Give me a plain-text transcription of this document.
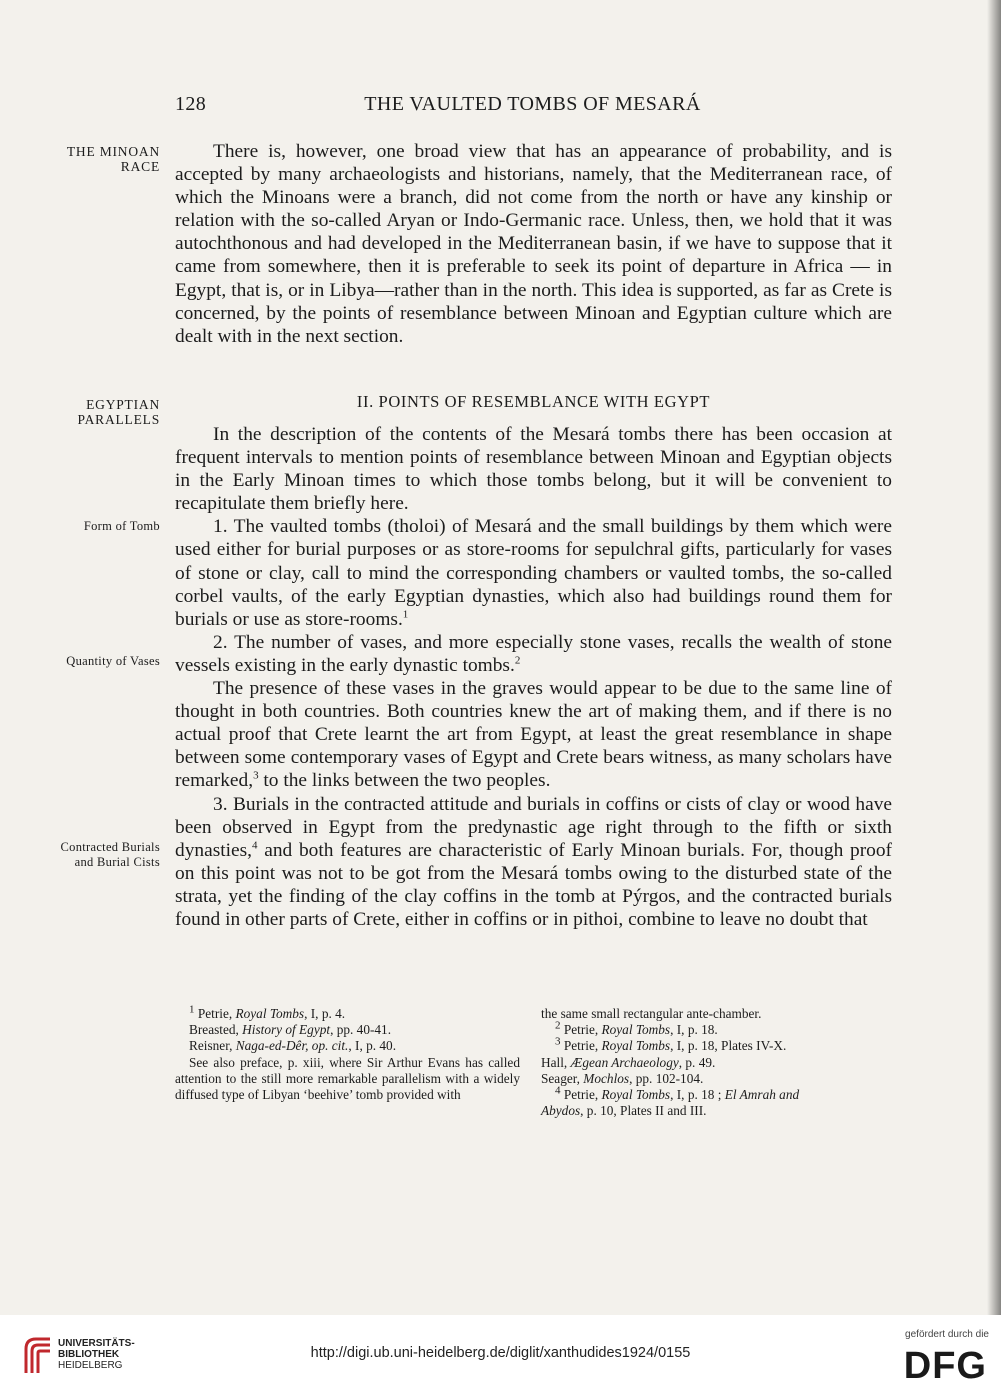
128	THE VAULTED TOMBS OF MESARÁ
THE MINOAN
RACE
EGYPTIAN
PARALLELS
Form of Tomb
Quantity of Vases
Contracted Burials
and Burial Cists

There is, however, one broad view that has an appearance of probability, and is accepted by many archaeologists and historians, namely, that the Mediterranean race, of which the Minoans were a branch, did not come from the north or have any kinship or relation with the so-called Aryan or Indo-Germanic race. Unless, then, we hold that it was autochthonous and had developed in the Mediterranean basin, if we have to suppose that it came from somewhere, then it is preferable to seek its point of departure in Africa — in Egypt, that is, or in Libya—rather than in the north. This idea is supported, as far as Crete is concerned, by the points of resemblance between Minoan and Egyptian culture which are dealt with in the next section.

II. POINTS OF RESEMBLANCE WITH EGYPT

In the description of the contents of the Mesará tombs there has been occasion at frequent intervals to mention points of resemblance between Minoan and Egyptian objects in the Early Minoan times to which those tombs belong, but it will be convenient to recapitulate them briefly here.

1. The vaulted tombs (tholoi) of Mesará and the small buildings by them which were used either for burial purposes or as store-rooms for sepulchral gifts, particularly for vases of stone or clay, call to mind the corresponding chambers or vaulted tombs, the so-called corbel vaults, of the early Egyptian dynasties, which also had buildings round them for burials or use as store-rooms.$^1$

2. The number of vases, and more especially stone vases, recalls the wealth of stone vessels existing in the early dynastic tombs.$^2$

The presence of these vases in the graves would appear to be due to the same line of thought in both countries. Both countries knew the art of making them, and if there is no actual proof that Crete learnt the art from Egypt, at least the great resemblance in shape between some contemporary vases of Egypt and Crete bears witness, as many scholars have remarked,$^3$ to the links between the two peoples.

3. Burials in the contracted attitude and burials in coffins or cists of clay or wood have been observed in Egypt from the predynastic age right through to the fifth or sixth dynasties,$^4$ and both features are characteristic of Early Minoan burials. For, though proof on this point was not to be got from the Mesará tombs owing to the disturbed state of the strata, yet the finding of the clay coffins in the tomb at Pýrgos, and the contracted burials found in other parts of Crete, either in coffins or in pithoi, combine to leave no doubt that

$^1$ Petrie, Royal Tombs, I, p. 4.
Breasted, History of Egypt, pp. 40-41.
Reisner, Naga-ed-Dêr, op. cit., I, p. 40.
See also preface, p. xiii, where Sir Arthur Evans has called attention to the still more remarkable parallelism with a widely diffused type of Libyan ‘beehive’ tomb provided with
the same small rectangular ante-chamber.
$^2$ Petrie, Royal Tombs, I, p. 18.
$^3$ Petrie, Royal Tombs, I, p. 18, Plates IV-X.
Hall, Ægean Archaeology, p. 49.
Seager, Mochlos, pp. 102-104.
$^4$ Petrie, Royal Tombs, I, p. 18 ; El Amrah and
Abydos, p. 10, Plates II and III.
UNIVERSITÄTS-
BIBLIOTHEK
HEIDELBERG
http://digi.ub.uni-heidelberg.de/diglit/xanthudides1924/0155
gefördert durch die
DFG
